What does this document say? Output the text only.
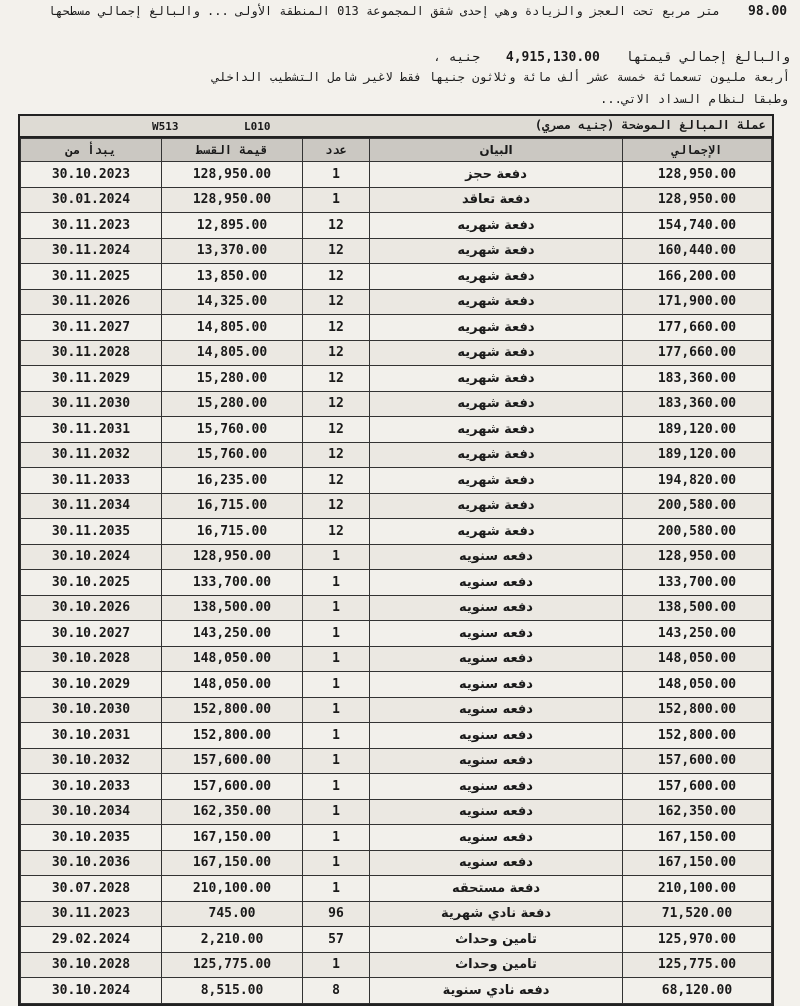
98.00
متر مربع تحت العجز والزيادة وهي إحدى شقق المجموعة 013 المنطقة الأولى ... والبالغ إجمالي مسطحها
والبالغ إجمالي قيمتها 4,915,130.00 جنيه ،
أربعة مليون تسعمائة خمسة عشر ألف مائة وثلاثون جنيها فقط لاغير شامل التشطيب الداخلي
وطبقا لنظام السداد الاتي...
W513	L010	عملة المبالغ الموضحة (جنيه مصري)
يبدأ من	قيمة القسط	عدد	البيان	الإجمالي
30.10.2023	128,950.00	1	دفعة حجز	128,950.00
30.01.2024	128,950.00	1	دفعة تعاقد	128,950.00
30.11.2023	12,895.00	12	دفعة شهريه	154,740.00
30.11.2024	13,370.00	12	دفعة شهريه	160,440.00
30.11.2025	13,850.00	12	دفعة شهريه	166,200.00
30.11.2026	14,325.00	12	دفعة شهريه	171,900.00
30.11.2027	14,805.00	12	دفعة شهريه	177,660.00
30.11.2028	14,805.00	12	دفعة شهريه	177,660.00
30.11.2029	15,280.00	12	دفعة شهريه	183,360.00
30.11.2030	15,280.00	12	دفعة شهريه	183,360.00
30.11.2031	15,760.00	12	دفعة شهريه	189,120.00
30.11.2032	15,760.00	12	دفعة شهريه	189,120.00
30.11.2033	16,235.00	12	دفعة شهريه	194,820.00
30.11.2034	16,715.00	12	دفعة شهريه	200,580.00
30.11.2035	16,715.00	12	دفعة شهريه	200,580.00
30.10.2024	128,950.00	1	دفعه سنويه	128,950.00
30.10.2025	133,700.00	1	دفعه سنويه	133,700.00
30.10.2026	138,500.00	1	دفعه سنويه	138,500.00
30.10.2027	143,250.00	1	دفعه سنويه	143,250.00
30.10.2028	148,050.00	1	دفعه سنويه	148,050.00
30.10.2029	148,050.00	1	دفعه سنويه	148,050.00
30.10.2030	152,800.00	1	دفعه سنويه	152,800.00
30.10.2031	152,800.00	1	دفعه سنويه	152,800.00
30.10.2032	157,600.00	1	دفعه سنويه	157,600.00
30.10.2033	157,600.00	1	دفعه سنويه	157,600.00
30.10.2034	162,350.00	1	دفعه سنويه	162,350.00
30.10.2035	167,150.00	1	دفعه سنويه	167,150.00
30.10.2036	167,150.00	1	دفعه سنويه	167,150.00
30.07.2028	210,100.00	1	دفعة مستحقه	210,100.00
30.11.2023	745.00	96	دفعة نادي شهرية	71,520.00
29.02.2024	2,210.00	57	تامين وحداث	125,970.00
30.10.2028	125,775.00	1	تامين وحداث	125,775.00
30.10.2024	8,515.00	8	دفعه نادي سنوية	68,120.00
